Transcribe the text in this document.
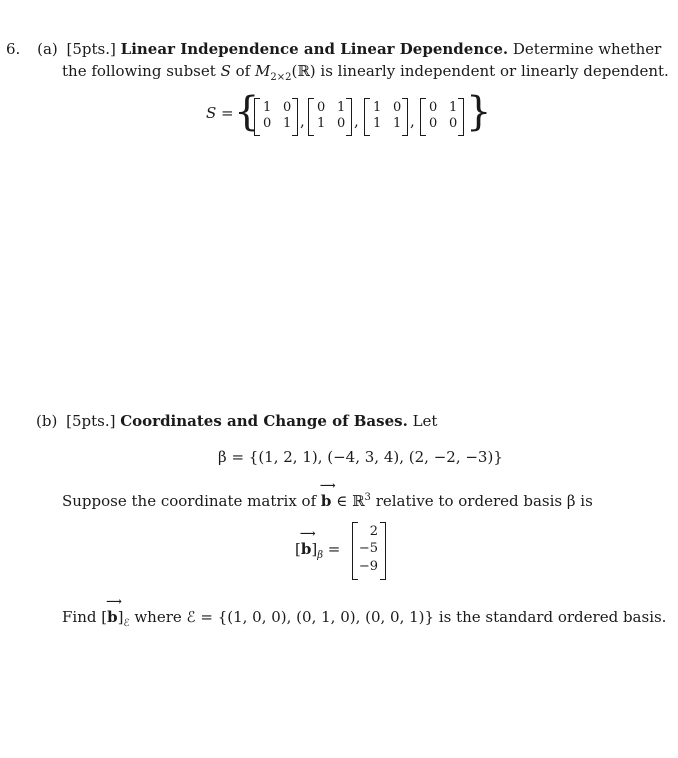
6. (a) [5pts.] Linear Independence and Linear Dependence. Determine whether
the following subset S of $M_{2\times 2}(ℝ)$ is linearly independent or linearly dependent.
S = { 1 0
0 1 ,
0 1
1 0 ,
1 0
1 1 ,
0 1
0 0 }
(b) [5pts.] Coordinates and Change of Bases. Let
β = {(1, 2, 1), (−4, 3, 4), (2, −2, −3)}
Suppose the coordinate matrix of
⟶
b ∈ ℝ$^3$ relative to ordered basis β is
[
⟶
$b]_\beta$ =
2
−5
−9
Find [
⟶
$b]_ℰ$ where ℰ = {(1, 0, 0), (0, 1, 0), (0, 0, 1)} is the standard ordered basis.
